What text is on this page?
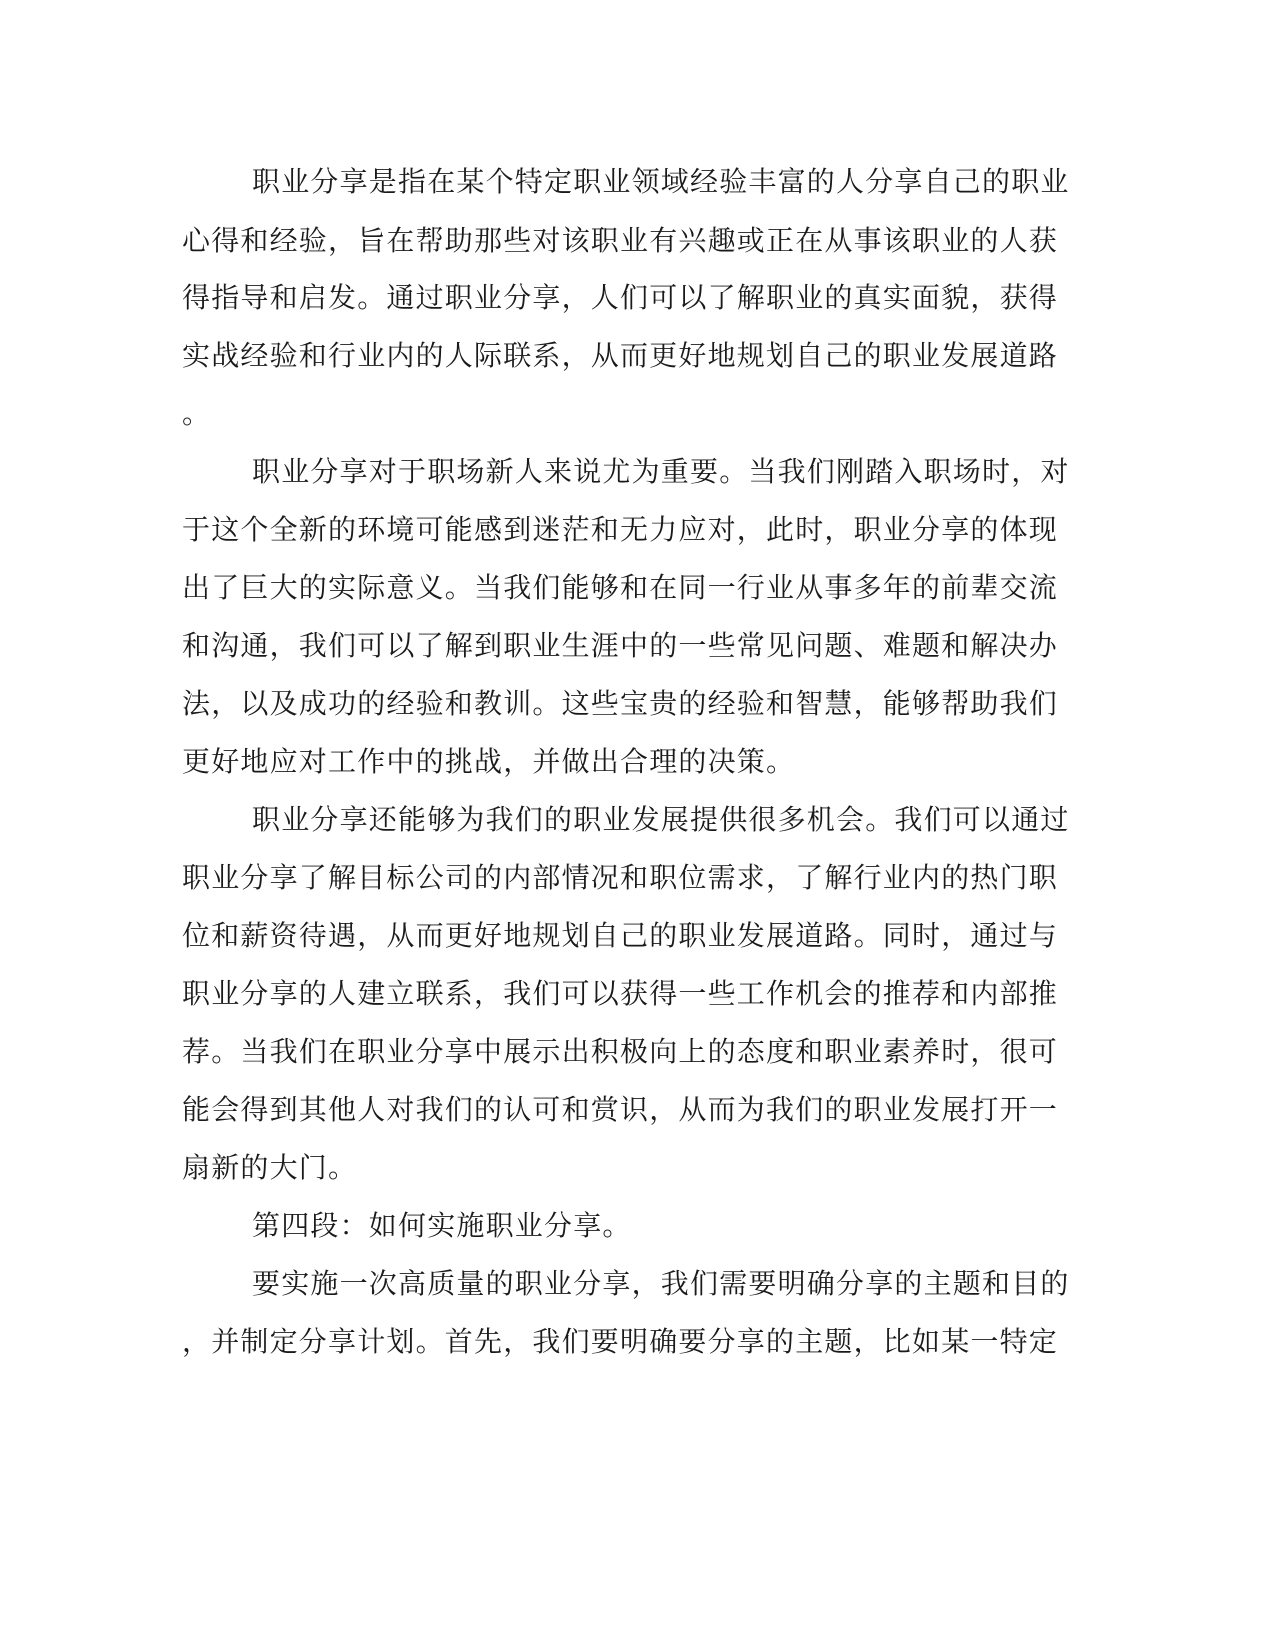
职业分享是指在某个特定职业领域经验丰富的人分享自己的职业
心得和经验，旨在帮助那些对该职业有兴趣或正在从事该职业的人获
得指导和启发。通过职业分享，人们可以了解职业的真实面貌，获得
实战经验和行业内的人际联系，从而更好地规划自己的职业发展道路
。
职业分享对于职场新人来说尤为重要。当我们刚踏入职场时，对
于这个全新的环境可能感到迷茫和无力应对，此时，职业分享的体现
出了巨大的实际意义。当我们能够和在同一行业从事多年的前辈交流
和沟通，我们可以了解到职业生涯中的一些常见问题、难题和解决办
法，以及成功的经验和教训。这些宝贵的经验和智慧，能够帮助我们
更好地应对工作中的挑战，并做出合理的决策。
职业分享还能够为我们的职业发展提供很多机会。我们可以通过
职业分享了解目标公司的内部情况和职位需求，了解行业内的热门职
位和薪资待遇，从而更好地规划自己的职业发展道路。同时，通过与
职业分享的人建立联系，我们可以获得一些工作机会的推荐和内部推
荐。当我们在职业分享中展示出积极向上的态度和职业素养时，很可
能会得到其他人对我们的认可和赏识，从而为我们的职业发展打开一
扇新的大门。
第四段：如何实施职业分享。
要实施一次高质量的职业分享，我们需要明确分享的主题和目的
，并制定分享计划。首先，我们要明确要分享的主题，比如某一特定
